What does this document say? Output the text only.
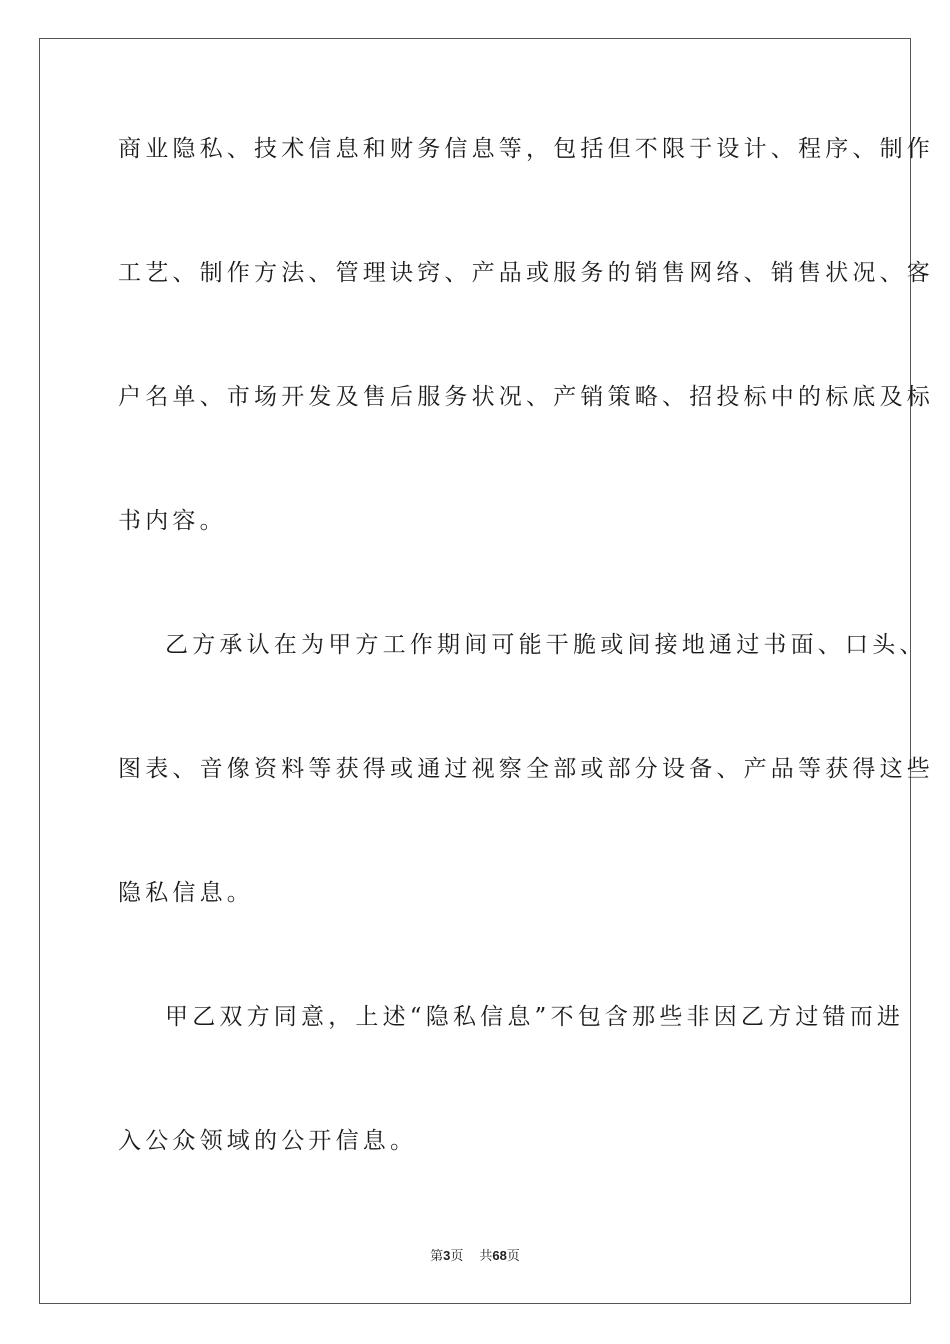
商业隐私、技术信息和财务信息等，包括但不限于设计、程序、制作
工艺、制作方法、管理诀窍、产品或服务的销售网络、销售状况、客
户名单、市场开发及售后服务状况、产销策略、招投标中的标底及标
书内容。
乙方承认在为甲方工作期间可能干脆或间接地通过书面、口头、
图表、音像资料等获得或通过视察全部或部分设备、产品等获得这些
隐私信息。
甲乙双方同意，上述“隐私信息”不包含那些非因乙方过错而进
入公众领域的公开信息。
第3页 共68页
